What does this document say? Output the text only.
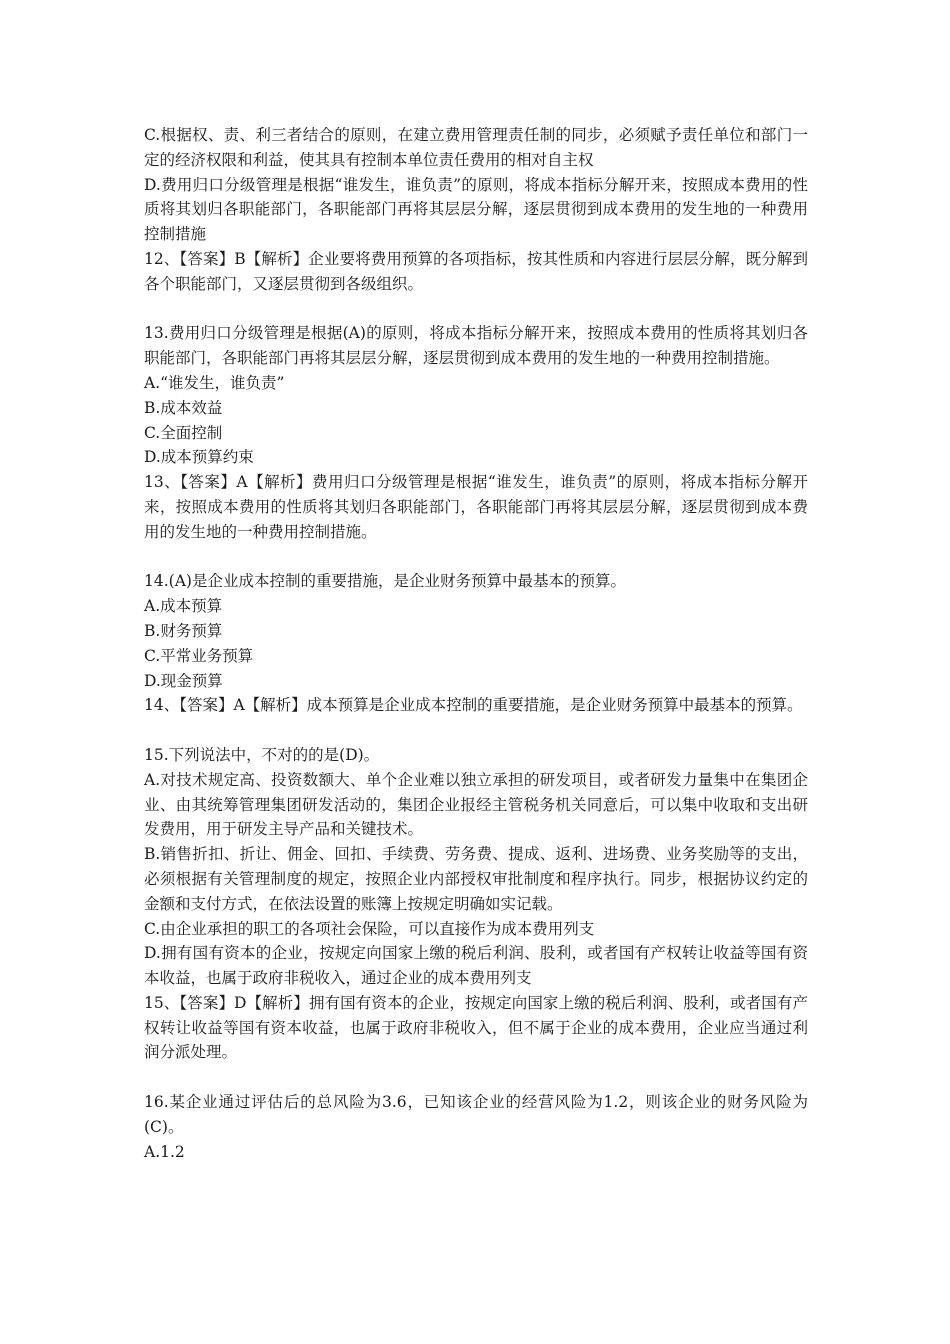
C.根据权、责、利三者结合的原则，在建立费用管理责任制的同步，必须赋予责任单位和部门一定的经济权限和利益，使其具有控制本单位责任费用的相对自主权

D.费用归口分级管理是根据“谁发生，谁负责”的原则，将成本指标分解开来，按照成本费用的性质将其划归各职能部门，各职能部门再将其层层分解，逐层贯彻到成本费用的发生地的一种费用控制措施

12、【答案】B【解析】企业要将费用预算的各项指标，按其性质和内容进行层层分解，既分解到各个职能部门，又逐层贯彻到各级组织。

13.费用归口分级管理是根据(A)的原则，将成本指标分解开来，按照成本费用的性质将其划归各职能部门，各职能部门再将其层层分解，逐层贯彻到成本费用的发生地的一种费用控制措施。

A.“谁发生，谁负责”

B.成本效益

C.全面控制

D.成本预算约束

13、【答案】A【解析】费用归口分级管理是根据“谁发生，谁负责”的原则，将成本指标分解开来，按照成本费用的性质将其划归各职能部门，各职能部门再将其层层分解，逐层贯彻到成本费用的发生地的一种费用控制措施。

14.(A)是企业成本控制的重要措施，是企业财务预算中最基本的预算。

A.成本预算

B.财务预算

C.平常业务预算

D.现金预算

14、【答案】A【解析】成本预算是企业成本控制的重要措施，是企业财务预算中最基本的预算。

15.下列说法中，不对的的是(D)。

A.对技术规定高、投资数额大、单个企业难以独立承担的研发项目，或者研发力量集中在集团企业、由其统筹管理集团研发活动的，集团企业报经主管税务机关同意后，可以集中收取和支出研发费用，用于研发主导产品和关键技术。

B.销售折扣、折让、佣金、回扣、手续费、劳务费、提成、返利、进场费、业务奖励等的支出，必须根据有关管理制度的规定，按照企业内部授权审批制度和程序执行。同步，根据协议约定的金额和支付方式，在依法设置的账簿上按规定明确如实记载。

C.由企业承担的职工的各项社会保险，可以直接作为成本费用列支

D.拥有国有资本的企业，按规定向国家上缴的税后利润、股利，或者国有产权转让收益等国有资本收益，也属于政府非税收入，通过企业的成本费用列支

15、【答案】D【解析】拥有国有资本的企业，按规定向国家上缴的税后利润、股利，或者国有产权转让收益等国有资本收益，也属于政府非税收入，但不属于企业的成本费用，企业应当通过利润分派处理。

16.某企业通过评估后的总风险为3.6，已知该企业的经营风险为1.2，则该企业的财务风险为(C)。

A.1.2
